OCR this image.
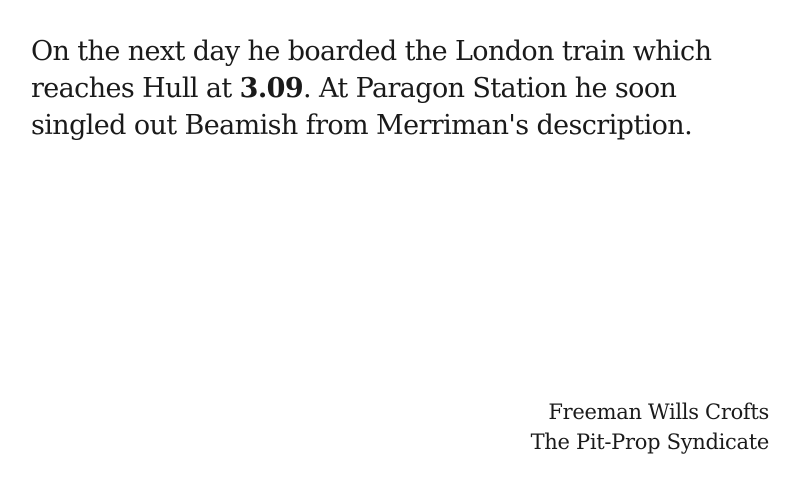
On the next day he boarded the London train which reaches Hull at 3.09. At Paragon Station he soon singled out Beamish from Merriman's description.

Freeman Wills Crofts
The Pit-Prop Syndicate
